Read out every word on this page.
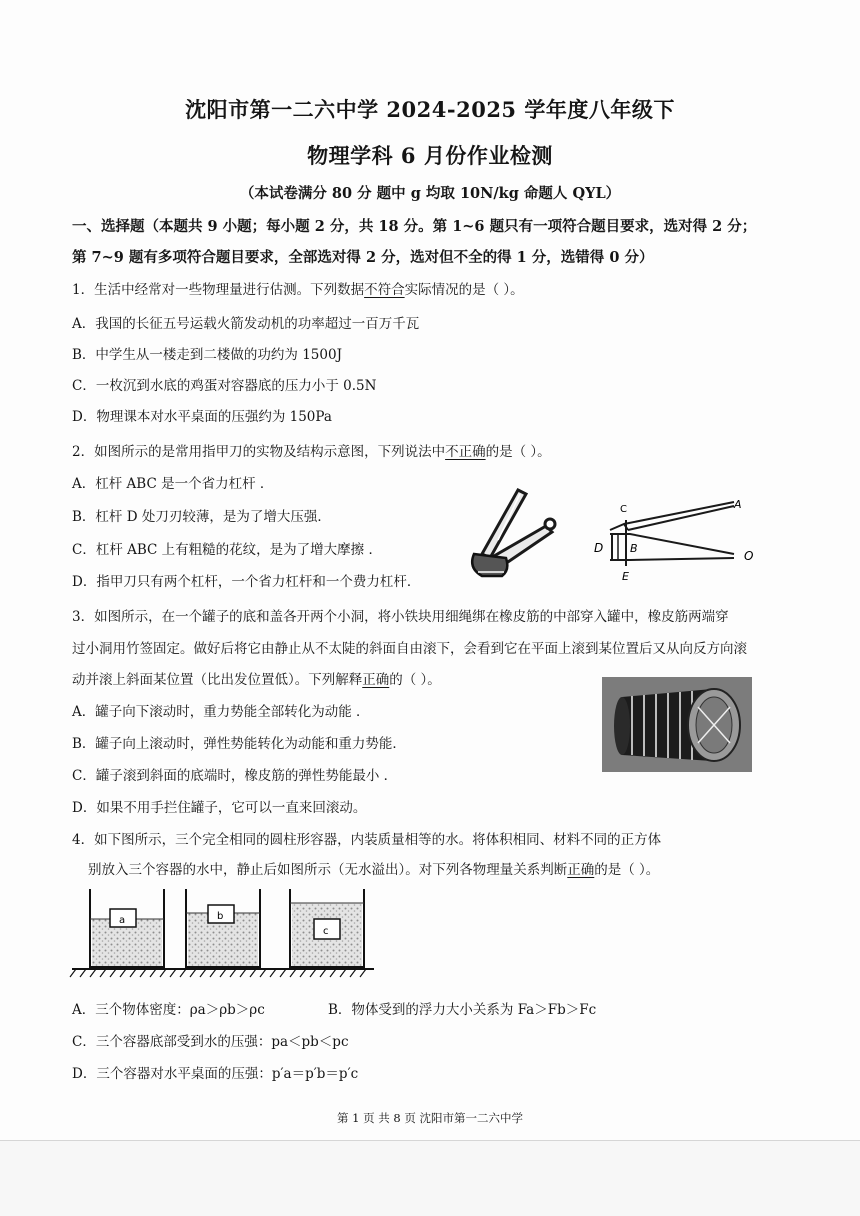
沈阳市第一二六中学 2024-2025 学年度八年级下
物理学科 6 月份作业检测
（本试卷满分 80 分 题中 g 均取 10N/kg 命题人 QYL）
一、选择题（本题共 9 小题；每小题 2 分，共 18 分。第 1~6 题只有一项符合题目要求，选对得 2 分；
第 7~9 题有多项符合题目要求，全部选对得 2 分，选对但不全的得 1 分，选错得 0 分）
1．生活中经常对一些物理量进行估测。下列数据不符合实际情况的是（ ）。
A．我国的长征五号运载火箭发动机的功率超过一百万千瓦
B．中学生从一楼走到二楼做的功约为 1500J
C．一枚沉到水底的鸡蛋对容器底的压力小于 0.5N
D．物理课本对水平桌面的压强约为 150Pa
2．如图所示的是常用指甲刀的实物及结构示意图，下列说法中不正确的是（ ）。
A．杠杆 ABC 是一个省力杠杆 ．
B．杠杆 D 处刀刃较薄，是为了增大压强．
C．杠杆 ABC 上有粗糙的花纹，是为了增大摩擦 ．
D．指甲刀只有两个杠杆，一个省力杠杆和一个费力杠杆．
C	A
D B
O
E
3．如图所示，在一个罐子的底和盖各开两个小洞，将小铁块用细绳绑在橡皮筋的中部穿入罐中，橡皮筋两端穿
过小洞用竹签固定。做好后将它由静止从不太陡的斜面自由滚下，会看到它在平面上滚到某位置后又从向反方向滚
动并滚上斜面某位置（比出发位置低）。下列解释正确的（ ）。
A．罐子向下滚动时，重力势能全部转化为动能 ．
B．罐子向上滚动时，弹性势能转化为动能和重力势能．
C．罐子滚到斜面的底端时，橡皮筋的弹性势能最小 ．
D．如果不用手拦住罐子，它可以一直来回滚动。
4．如下图所示，三个完全相同的圆柱形容器，内装质量相等的水。将体积相同、材料不同的正方体
别放入三个容器的水中，静止后如图所示（无水溢出）。对下列各物理量关系判断正确的是（ ）。
a	b
c
A．三个物体密度：ρa＞ρb＞ρc	B．物体受到的浮力大小关系为 Fa＞Fb＞Fc
C．三个容器底部受到水的压强：pa＜pb＜pc
D．三个容器对水平桌面的压强：p′a＝p′b＝p′c
第 1 页 共 8 页 沈阳市第一二六中学
